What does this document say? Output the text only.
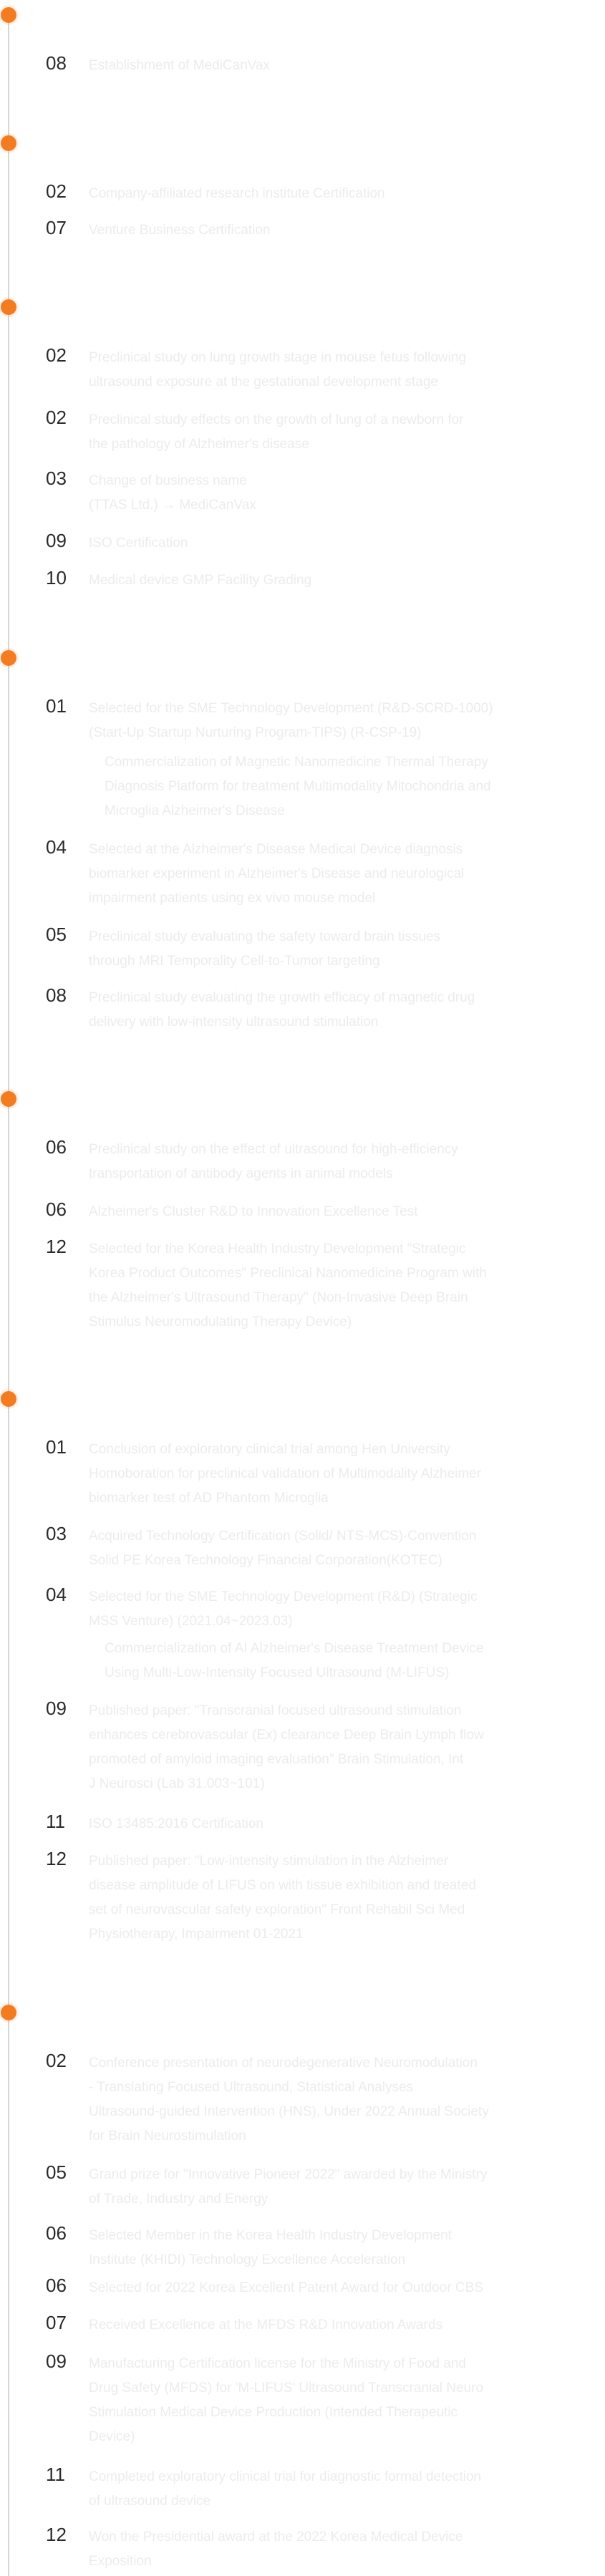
08	Establishment of MediCanVax
02	Company-affiliated research institute Certification
07	Venture Business Certification
02	Preclinical study on lung growth stage in mouse fetus following
ultrasound exposure at the gestational development stage
02	Preclinical study effects on the growth of lung of a newborn for
the pathology of Alzheimer's disease
03	Change of business name
(TTAS Ltd.) → MediCanVax
09	ISO Certification
10	Medical device GMP Facility Grading
01	Selected for the SME Technology Development (R&D-SCRD-1000)
(Start-Up Startup Nurturing Program-TIPS) (R-CSP-19)
Commercialization of Magnetic Nanomedicine Thermal Therapy
Diagnosis Platform for treatment Multimodality Mitochondria and
Microglia Alzheimer's Disease
04	Selected at the Alzheimer's Disease Medical Device diagnosis
biomarker experiment in Alzheimer's Disease and neurological
impairment patients using ex vivo mouse model
05	Preclinical study evaluating the safety toward brain tissues
through MRI Temporality Cell-to-Tumor targeting
08	Preclinical study evaluating the growth efficacy of magnetic drug
delivery with low-intensity ultrasound stimulation
06	Preclinical study on the effect of ultrasound for high-efficiency
transportation of antibody agents in animal models
06	Alzheimer's Cluster R&D to Innovation Excellence Test
12	Selected for the Korea Health Industry Development "Strategic
Korea Product Outcomes" Preclinical Nanomedicine Program with
the Alzheimer's Ultrasound Therapy" (Non-Invasive Deep Brain
Stimulus Neuromodulating Therapy Device)
01	Conclusion of exploratory clinical trial among Hen University
Homoboration for preclinical validation of Multimodality Alzheimer
biomarker test of AD Phantom Microglia
03	Acquired Technology Certification (Solid/ NTS-MCS)-Convention
Solid PE Korea Technology Financial Corporation(KOTEC)
04	Selected for the SME Technology Development (R&D) (Strategic
MSS Venture) (2021.04~2023.03)
Commercialization of AI Alzheimer's Disease Treatment Device
Using Multi-Low-Intensity Focused Ultrasound (M-LIFUS)
09	Published paper: "Transcranial focused ultrasound stimulation
enhances cerebrovascular (Ex) clearance Deep Brain Lymph flow
promoted of amyloid imaging evaluation" Brain Stimulation, Int
J Neurosci (Lab 31.003~101)
11	ISO 13485:2016 Certification
12	Published paper: "Low-intensity stimulation in the Alzheimer
disease amplitude of LIFUS on with tissue exhibition and treated
set of neurovascular safety exploration" Front Rehabil Sci Med
Physiotherapy, Impairment 01-2021
02	Conference presentation of neurodegenerative Neuromodulation
- Translating Focused Ultrasound, Statistical Analyses
Ultrasound-guided Intervention (HNS), Under 2022 Annual Society
for Brain Neurostimulation
05	Grand prize for "Innovative Pioneer 2022" awarded by the Ministry
of Trade, Industry and Energy
06	Selected Member in the Korea Health Industry Development
Institute (KHIDI) Technology Excellence Acceleration
06	Selected for 2022 Korea Excellent Patent Award for Outdoor CBS
07	Received Excellence at the MFDS R&D Innovation Awards
09	Manufacturing Certification license for the Ministry of Food and
Drug Safety (MFDS) for 'M-LIFUS' Ultrasound Transcranial Neuro
Stimulation Medical Device Production (Intended Therapeutic
Device)
11	Completed exploratory clinical trial for diagnostic formal detection
of ultrasound device
12	Won the Presidential award at the 2022 Korea Medical Device
Exposition
